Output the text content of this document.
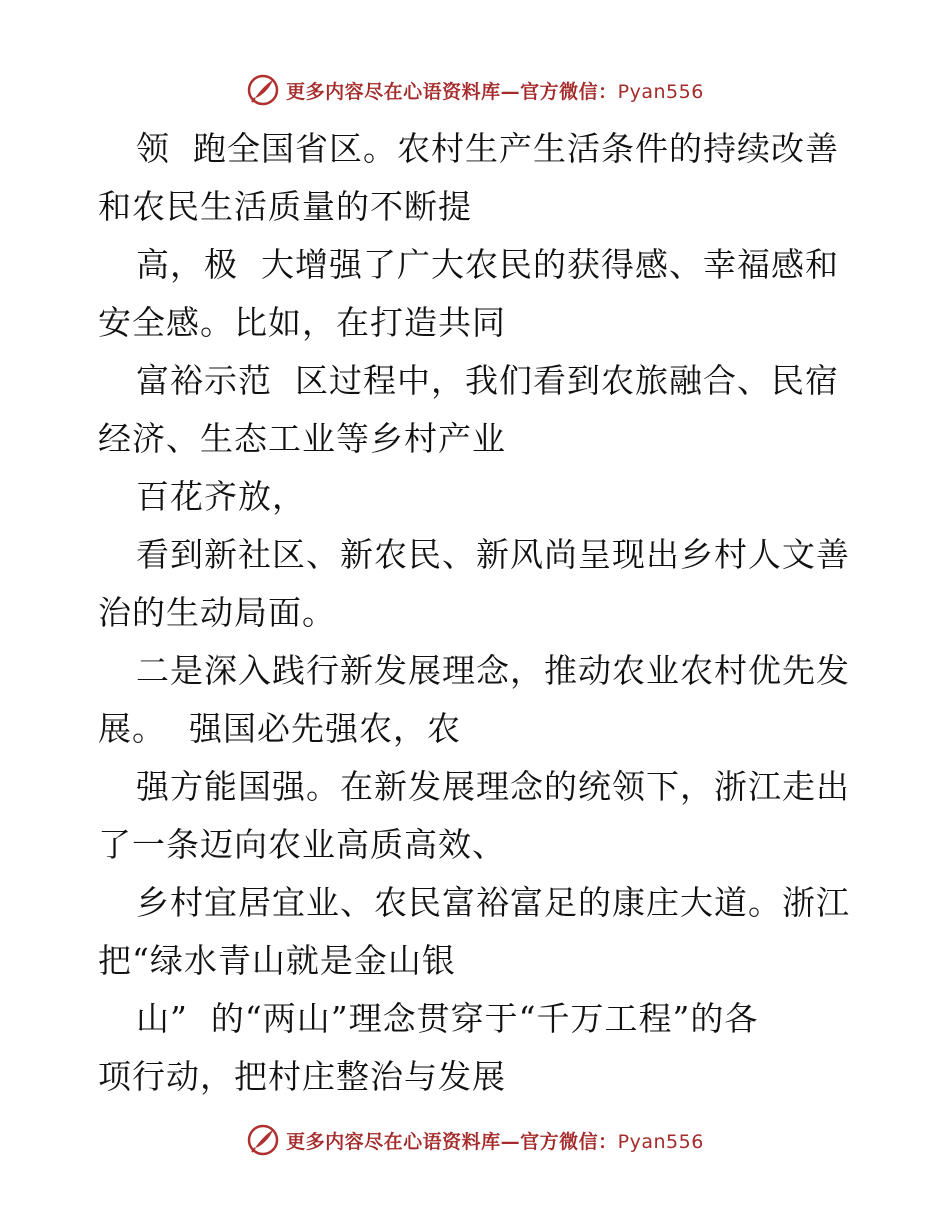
更多内容尽在心语资料库—官方微信：Pyan556
领  跑全国省区。农村生产生活条件的持续改善
和农民生活质量的不断提
高，极  大增强了广大农民的获得感、幸福感和
安全感。比如，在打造共同
富裕示范  区过程中，我们看到农旅融合、民宿
经济、生态工业等乡村产业
百花齐放，
看到新社区、新农民、新风尚呈现出乡村人文善
治的生动局面。
二是深入践行新发展理念，推动农业农村优先发
展。  强国必先强农，农
强方能国强。在新发展理念的统领下，浙江走出
了一条迈向农业高质高效、
乡村宜居宜业、农民富裕富足的康庄大道。浙江
把“绿水青山就是金山银
山”  的“两山”理念贯穿于“千万工程”的各
项行动，把村庄整治与发展
更多内容尽在心语资料库—官方微信：Pyan556
